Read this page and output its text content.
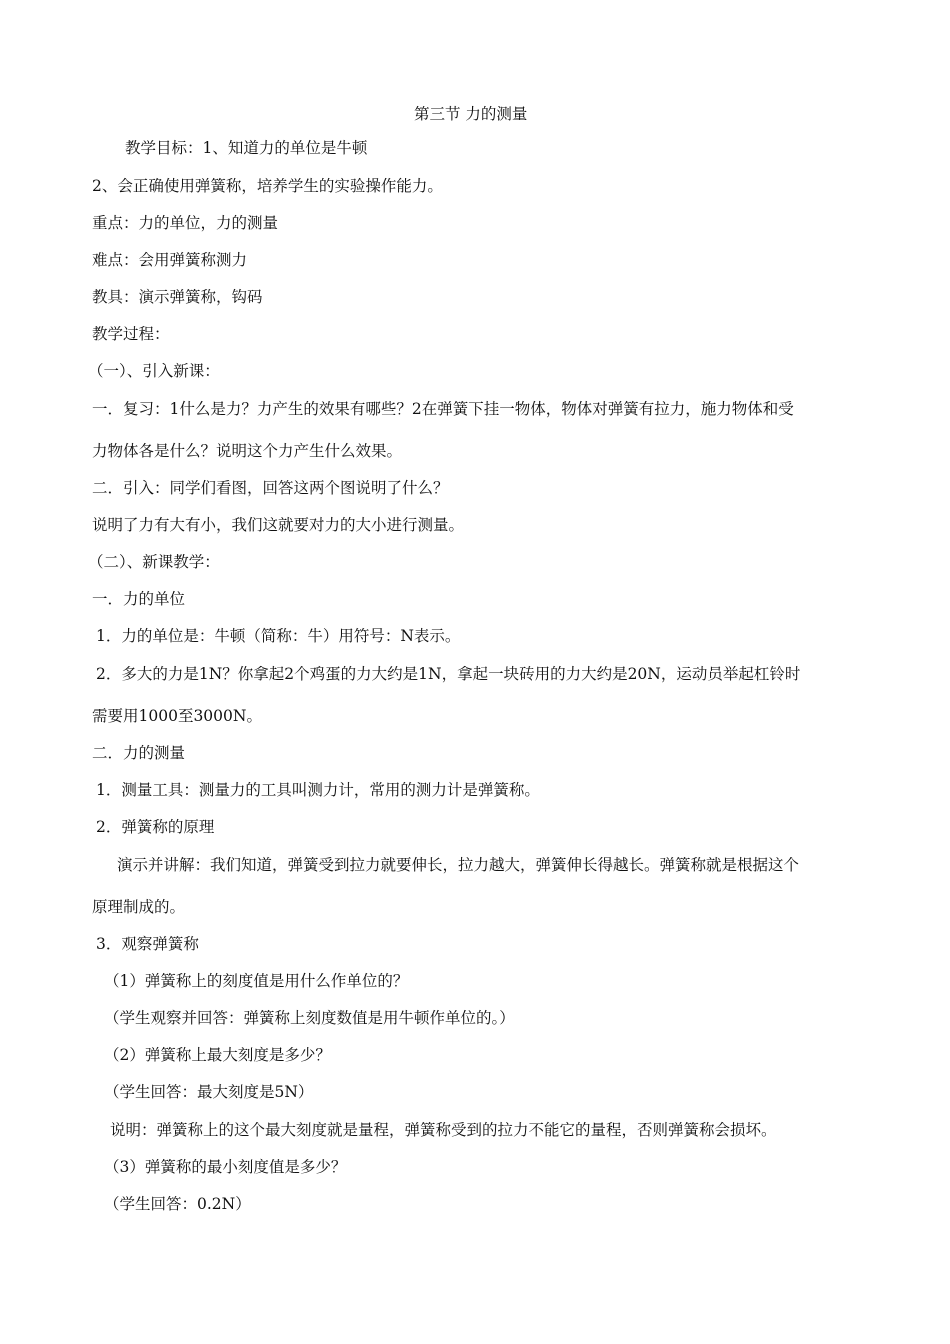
第三节 力的测量
教学目标：1、知道力的单位是牛顿
2、会正确使用弹簧称，培养学生的实验操作能力。
重点：力的单位，力的测量
难点：会用弹簧称测力
教具：演示弹簧称，钩码
教学过程：
（一）、引入新课：
一．复习：1什么是力？力产生的效果有哪些？2在弹簧下挂一物体，物体对弹簧有拉力，施力物体和受
力物体各是什么？说明这个力产生什么效果。
二．引入：同学们看图，回答这两个图说明了什么？
说明了力有大有小，我们这就要对力的大小进行测量。
（二）、新课教学：
一．力的单位
1．力的单位是：牛顿（简称：牛）用符号：N表示。
2．多大的力是1N？你拿起2个鸡蛋的力大约是1N，拿起一块砖用的力大约是20N，运动员举起杠铃时
需要用1000至3000N。
二．力的测量
1．测量工具：测量力的工具叫测力计，常用的测力计是弹簧称。
2．弹簧称的原理
演示并讲解：我们知道，弹簧受到拉力就要伸长，拉力越大，弹簧伸长得越长。弹簧称就是根据这个
原理制成的。
3．观察弹簧称
（1）弹簧称上的刻度值是用什么作单位的？
（学生观察并回答：弹簧称上刻度数值是用牛顿作单位的。）
（2）弹簧称上最大刻度是多少？
（学生回答：最大刻度是5N）
说明：弹簧称上的这个最大刻度就是量程，弹簧称受到的拉力不能它的量程，否则弹簧称会损坏。
（3）弹簧称的最小刻度值是多少？
（学生回答：0.2N）
